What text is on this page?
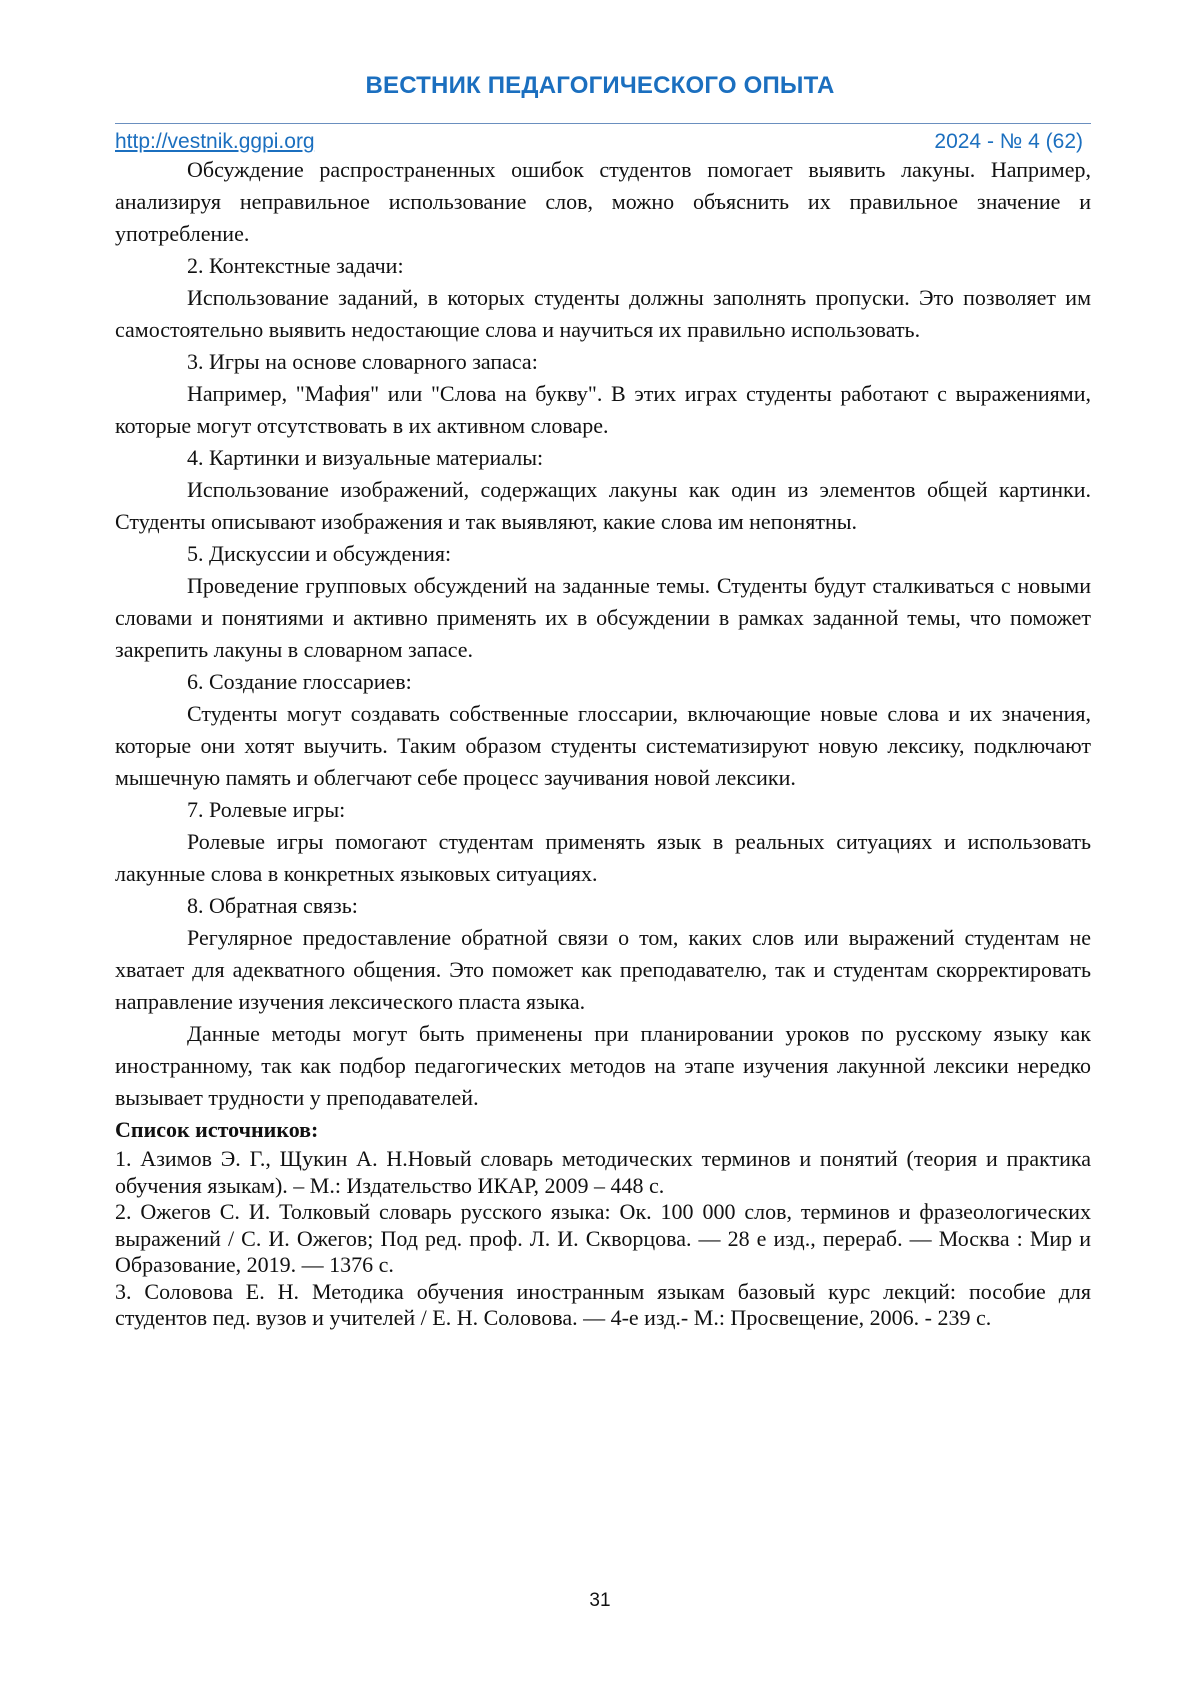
ВЕСТНИК ПЕДАГОГИЧЕСКОГО ОПЫТА
http://vestnik.ggpi.org	2024 - № 4 (62)

Обсуждение распространенных ошибок студентов помогает выявить лакуны. Например, анализируя неправильное использование слов, можно объяснить их правильное значение и употребление.

2. Контекстные задачи:

Использование заданий, в которых студенты должны заполнять пропуски. Это позволяет им самостоятельно выявить недостающие слова и научиться их правильно использовать.

3. Игры на основе словарного запаса:

Например, "Мафия" или "Слова на букву". В этих играх студенты работают с выражениями, которые могут отсутствовать в их активном словаре.

4. Картинки и визуальные материалы:

Использование изображений, содержащих лакуны как один из элементов общей картинки. Студенты описывают изображения и так выявляют, какие слова им непонятны.

5. Дискуссии и обсуждения:

Проведение групповых обсуждений на заданные темы. Студенты будут сталкиваться с новыми словами и понятиями и активно применять их в обсуждении в рамках заданной темы, что поможет закрепить лакуны в словарном запасе.

6. Создание глоссариев:

Студенты могут создавать собственные глоссарии, включающие новые слова и их значения, которые они хотят выучить. Таким образом студенты систематизируют новую лексику, подключают мышечную память и облегчают себе процесс заучивания новой лексики.

7. Ролевые игры:

Ролевые игры помогают студентам применять язык в реальных ситуациях и использовать лакунные слова в конкретных языковых ситуациях.

8. Обратная связь:

Регулярное предоставление обратной связи о том, каких слов или выражений студентам не хватает для адекватного общения. Это поможет как преподавателю, так и студентам скорректировать направление изучения лексического пласта языка.

Данные методы могут быть применены при планировании уроков по русскому языку как иностранному, так как подбор педагогических методов на этапе изучения лакунной лексики нередко вызывает трудности у преподавателей.

Список источников:

1. Азимов Э. Г., Щукин А. Н.Новый словарь методических терминов и понятий (теория и практика обучения языкам). – М.: Издательство ИКАР, 2009 – 448 с.

2. Ожегов С. И. Толковый словарь русского языка: Ок. 100 000 слов, терминов и фразеологических выражений / С. И. Ожегов; Под ред. проф. Л. И. Скворцова. — 28 е изд., перераб. — Москва : Мир и Образование, 2019. — 1376 с.

3. Соловова Е. Н. Методика обучения иностранным языкам базовый курс лекций: пособие для студентов пед. вузов и учителей / Е. Н. Соловова. — 4-е изд.- М.: Просвещение, 2006. - 239 с.

31
